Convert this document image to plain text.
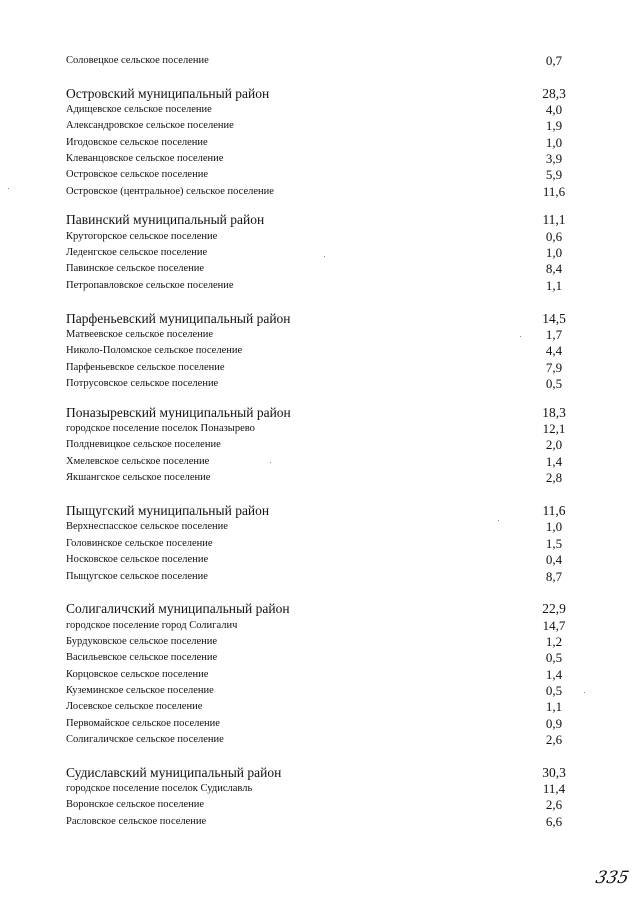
Соловецкое сельское поселение	0,7
Островский муниципальный район	28,3
Адищевское сельское поселение	4,0
Александровское сельское поселение	1,9
Игодовское сельское поселение	1,0
Клеванцовское сельское поселение	3,9
Островское сельское поселение	5,9
Островское (центральное) сельское поселение	11,6
Павинский муниципальный район	11,1
Крутогорское сельское поселение	0,6
Леденгское сельское поселение	1,0
Павинское сельское поселение	8,4
Петропавловское сельское поселение	1,1
Парфеньевский муниципальный район	14,5
Матвеевское сельское поселение	1,7
Николо-Поломское сельское поселение	4,4
Парфеньевское сельское поселение	7,9
Потрусовское сельское поселение	0,5
Поназыревский муниципальный район	18,3
городское поселение поселок Поназырево	12,1
Полдневицкое сельское поселение	2,0
Хмелевское сельское поселение	1,4
Якшангское сельское поселение	2,8
Пыщугский муниципальный район	11,6
Верхнеспасское сельское поселение	1,0
Головинское сельское поселение	1,5
Носковское сельское поселение	0,4
Пыщугское сельское поселение	8,7
Солигаличский муниципальный район	22,9
городское поселение город Солигалич	14,7
Бурдуковское сельское поселение	1,2
Васильевское сельское поселение	0,5
Корцовское сельское поселение	1,4
Куземинское сельское поселение	0,5
Лосевское сельское поселение	1,1
Первомайское сельское поселение	0,9
Солигаличское сельское поселение	2,6
Судиславский муниципальный район	30,3
городское поселение поселок Судиславль	11,4
Воронское сельское поселение	2,6
Расловское сельское поселение	6,6
335
